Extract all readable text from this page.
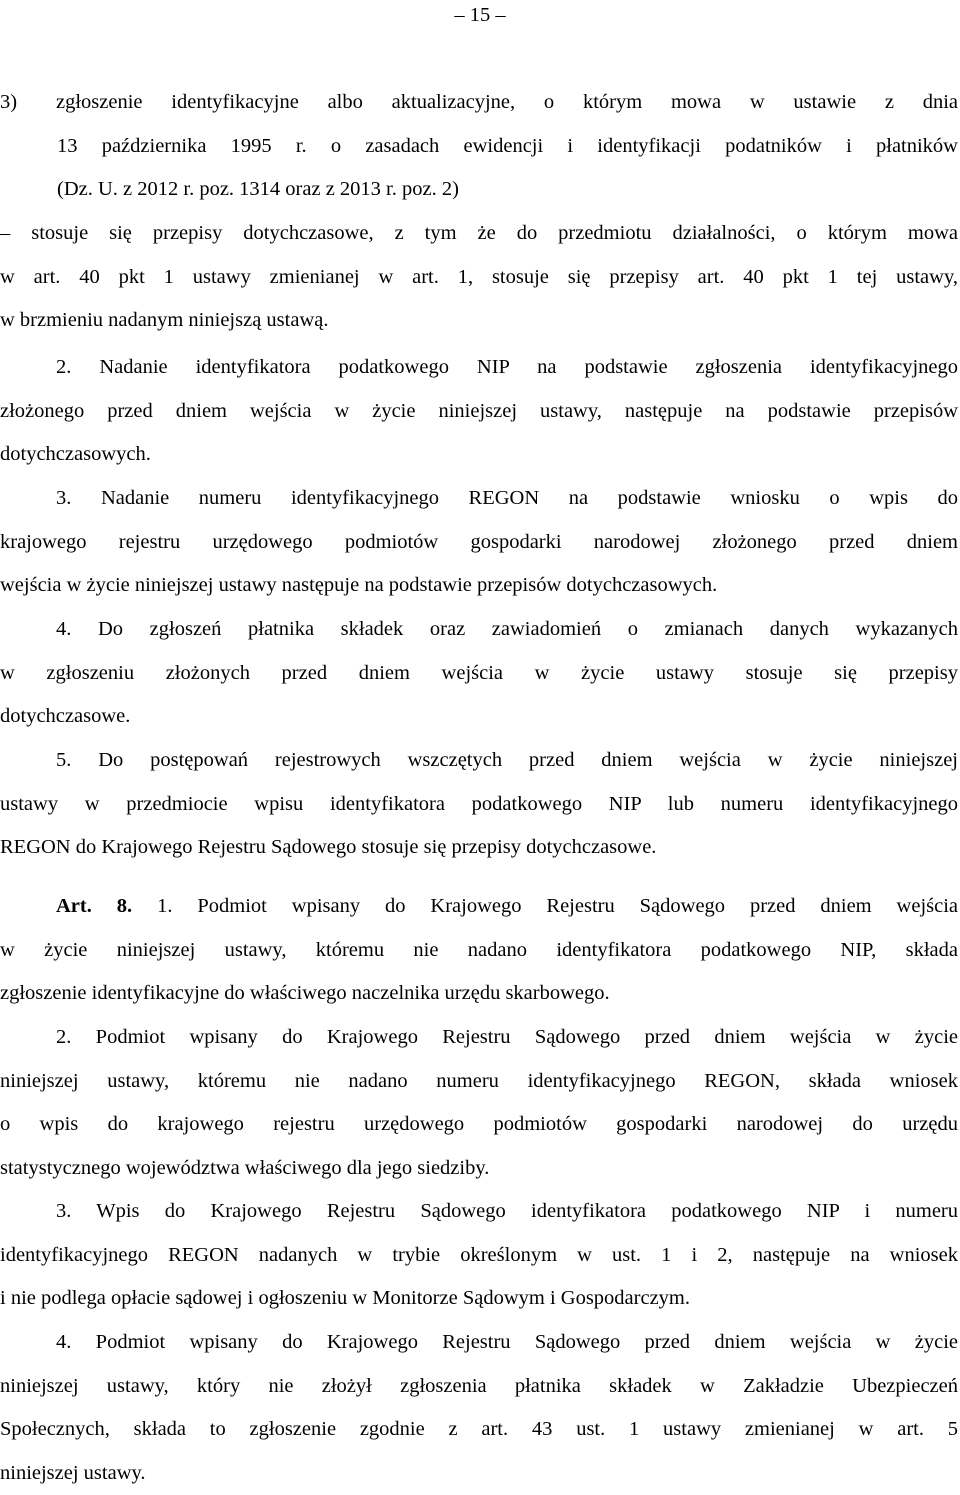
– 15 –
3) zgłoszenie identyfikacyjne albo aktualizacyjne, o którym mowa w ustawie z dnia
13 października 1995 r. o zasadach ewidencji i identyfikacji podatników i płatników
(Dz. U. z 2012 r. poz. 1314 oraz z 2013 r. poz. 2)
– stosuje się przepisy dotychczasowe, z tym że do przedmiotu działalności, o którym mowa
w art. 40 pkt 1 ustawy zmienianej w art. 1, stosuje się przepisy art. 40 pkt 1 tej ustawy,
w brzmieniu nadanym niniejszą ustawą.
2. Nadanie identyfikatora podatkowego NIP na podstawie zgłoszenia identyfikacyjnego
złożonego przed dniem wejścia w życie niniejszej ustawy, następuje na podstawie przepisów
dotychczasowych.
3. Nadanie numeru identyfikacyjnego REGON na podstawie wniosku o wpis do
krajowego rejestru urzędowego podmiotów gospodarki narodowej złożonego przed dniem
wejścia w życie niniejszej ustawy następuje na podstawie przepisów dotychczasowych.
4. Do zgłoszeń płatnika składek oraz zawiadomień o zmianach danych wykazanych
w zgłoszeniu złożonych przed dniem wejścia w życie ustawy stosuje się przepisy
dotychczasowe.
5. Do postępowań rejestrowych wszczętych przed dniem wejścia w życie niniejszej
ustawy w przedmiocie wpisu identyfikatora podatkowego NIP lub numeru identyfikacyjnego
REGON do Krajowego Rejestru Sądowego stosuje się przepisy dotychczasowe.
Art. 8. 1. Podmiot wpisany do Krajowego Rejestru Sądowego przed dniem wejścia
w życie niniejszej ustawy, któremu nie nadano identyfikatora podatkowego NIP, składa
zgłoszenie identyfikacyjne do właściwego naczelnika urzędu skarbowego.
2. Podmiot wpisany do Krajowego Rejestru Sądowego przed dniem wejścia w życie
niniejszej ustawy, któremu nie nadano numeru identyfikacyjnego REGON, składa wniosek
o wpis do krajowego rejestru urzędowego podmiotów gospodarki narodowej do urzędu
statystycznego województwa właściwego dla jego siedziby.
3. Wpis do Krajowego Rejestru Sądowego identyfikatora podatkowego NIP i numeru
identyfikacyjnego REGON nadanych w trybie określonym w ust. 1 i 2, następuje na wniosek
i nie podlega opłacie sądowej i ogłoszeniu w Monitorze Sądowym i Gospodarczym.
4. Podmiot wpisany do Krajowego Rejestru Sądowego przed dniem wejścia w życie
niniejszej ustawy, który nie złożył zgłoszenia płatnika składek w Zakładzie Ubezpieczeń
Społecznych, składa to zgłoszenie zgodnie z art. 43 ust. 1 ustawy zmienianej w art. 5
niniejszej ustawy.
